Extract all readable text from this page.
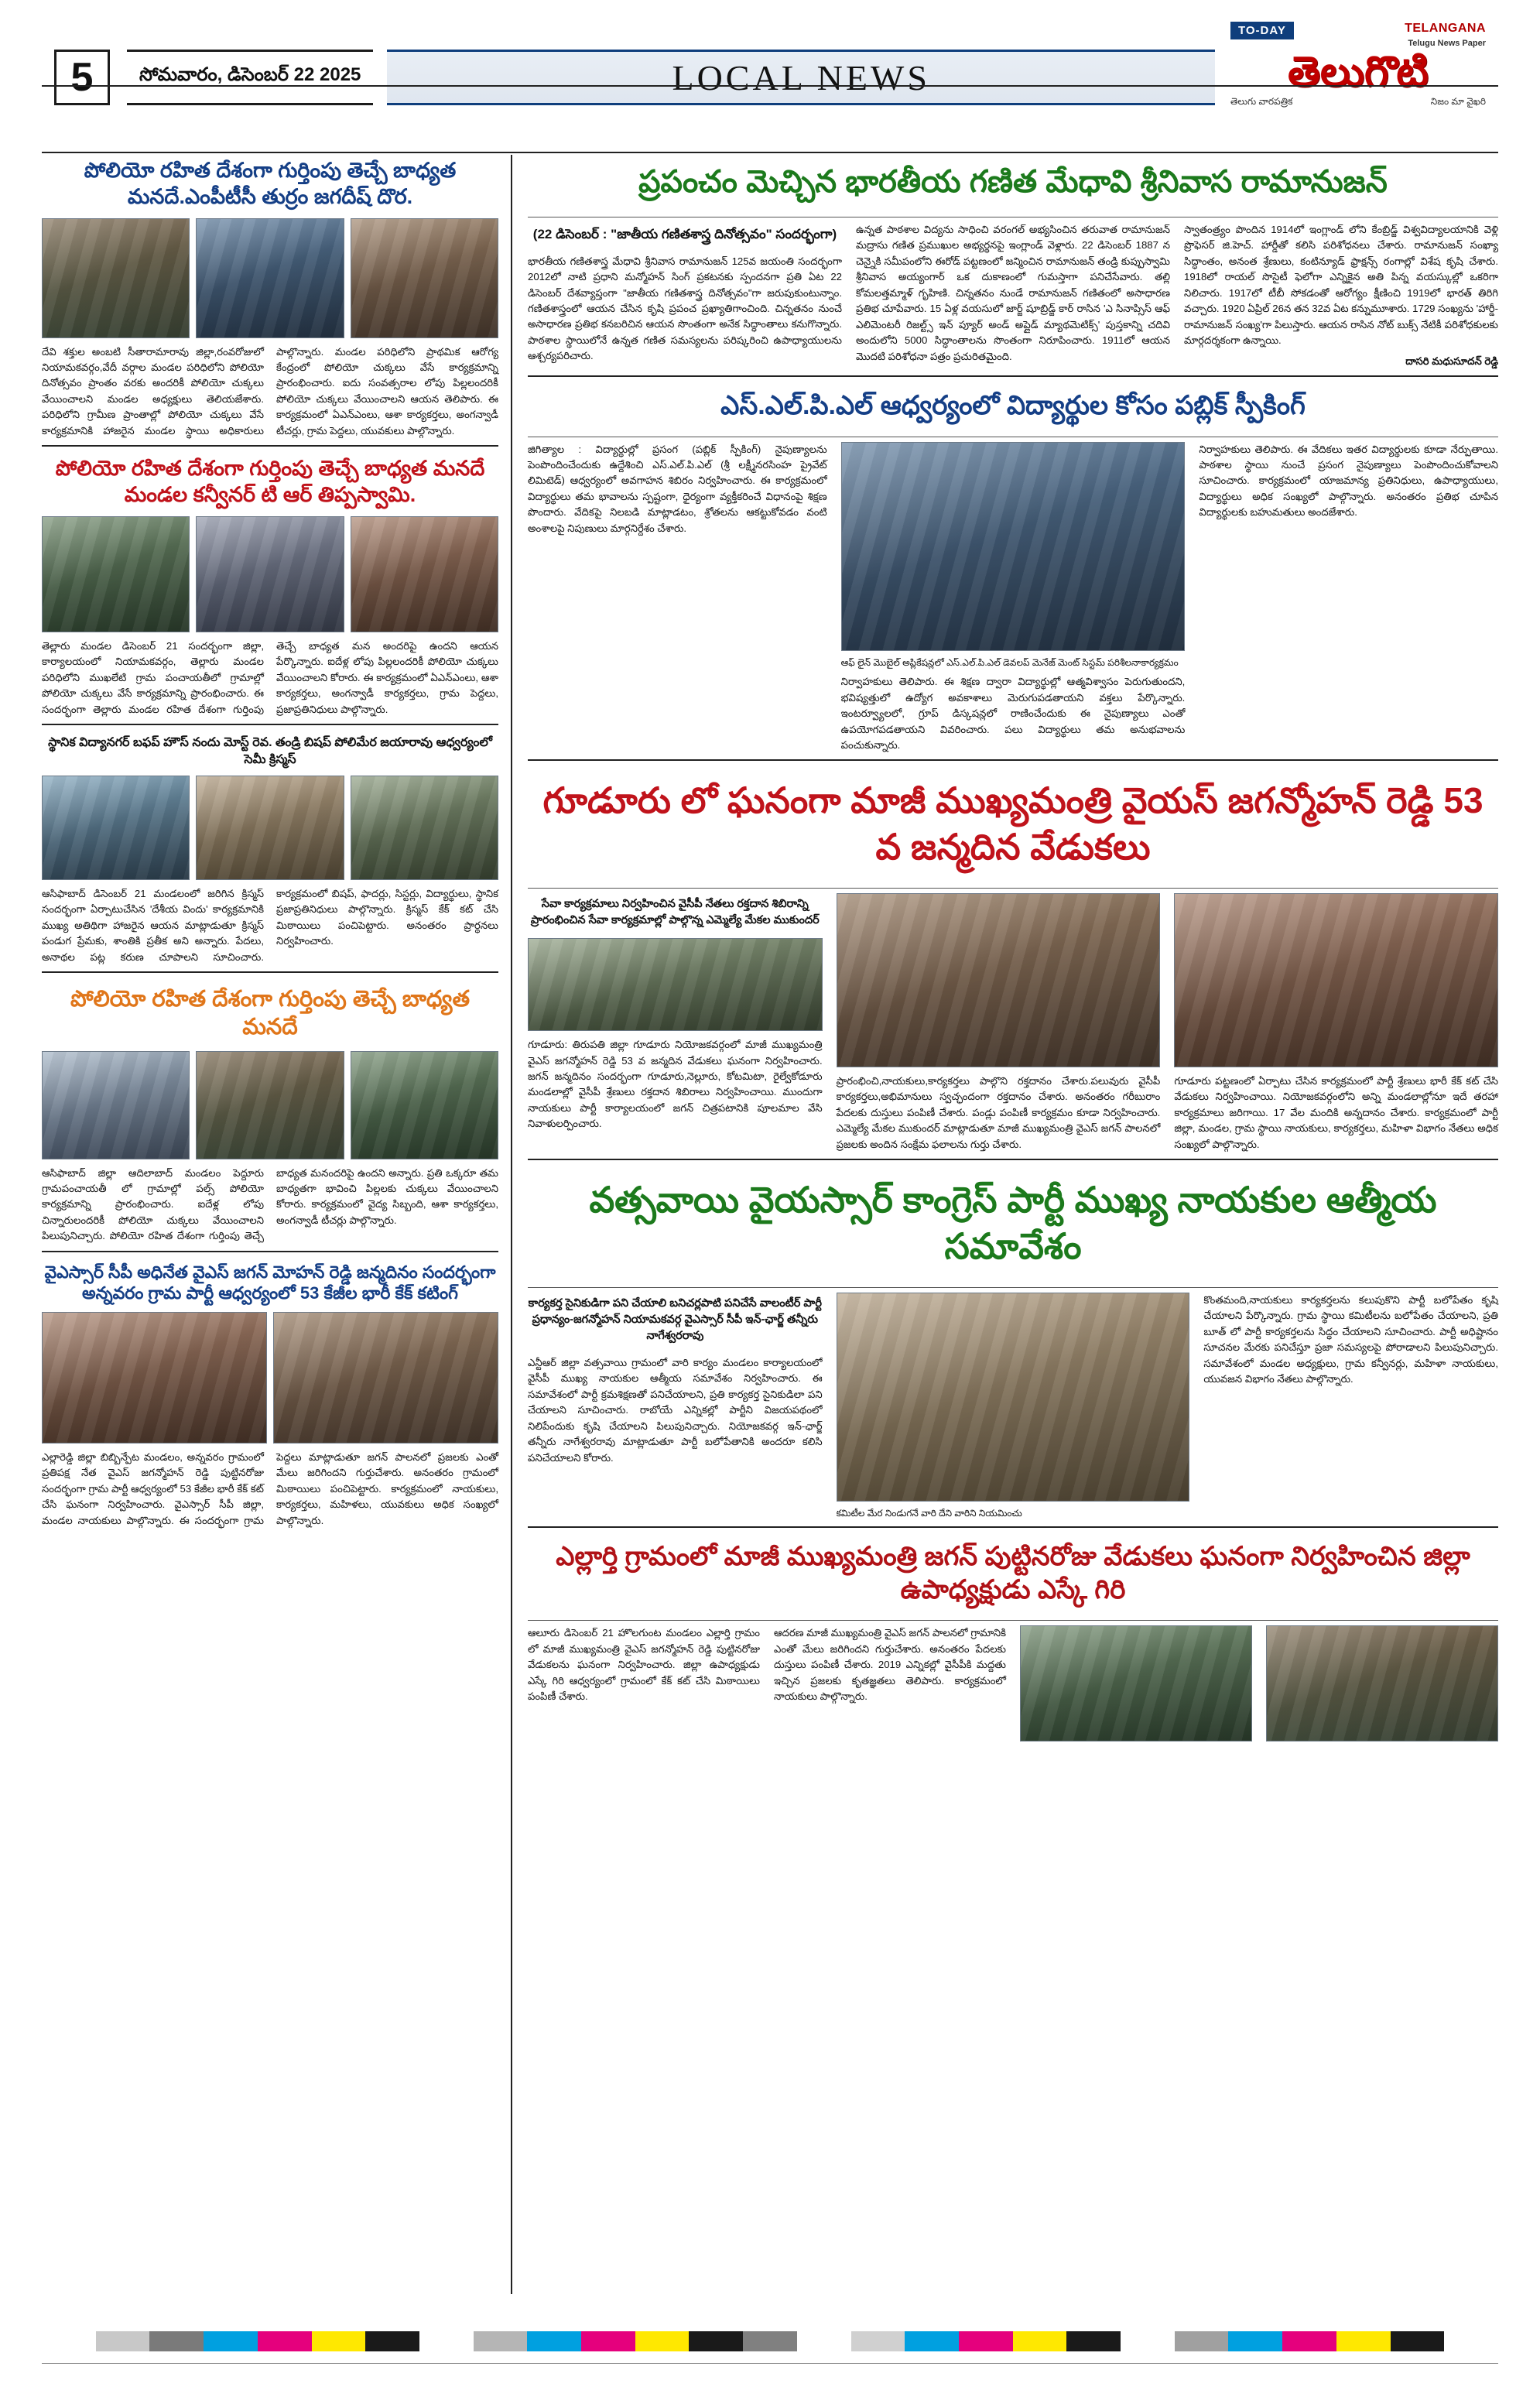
5	సోమవారం, డిసెంబర్ 22 2025	LOCAL NEWS
TO-DAY	TELANGANA
Telugu News Paper
తెలుగొటి
తెలుగు వారపత్రిక	నిజం మా వైఖరి
పోలియో రహిత దేశంగా గుర్తింపు తెచ్చే బాధ్యత మనదే.ఎంపీటీసీ తుర్రం జగదీష్ దొర.
దేవి శక్తుల అంబటి సీతారామారావు జిల్లా,రంవరోజులో నియామకవర్గం,వేదీ వర్గాల మండల పరిధిలోని పోలియో దినోత్సవం ప్రాంతం వరకు అందరికీ పోలియో చుక్కలు వేయించాలని మండల అధ్యక్షులు తెలియజేశారు. పరిధిలోని గ్రామీణ ప్రాంతాల్లో పోలియో చుక్కలు వేసే కార్యక్రమానికి హాజరైన మండల స్థాయి అధికారులు పాల్గొన్నారు. మండల పరిధిలోని ప్రాథమిక ఆరోగ్య కేంద్రంలో పోలియో చుక్కలు వేసే కార్యక్రమాన్ని ప్రారంభించారు. ఐదు సంవత్సరాల లోపు పిల్లలందరికీ పోలియో చుక్కలు వేయించాలని ఆయన తెలిపారు. ఈ కార్యక్రమంలో ఏఎన్ఎంలు, ఆశా కార్యకర్తలు, అంగన్వాడీ టీచర్లు, గ్రామ పెద్దలు, యువకులు పాల్గొన్నారు.
పోలియో రహిత దేశంగా గుర్తింపు తెచ్చే బాధ్యత మనదే మండల కన్వీనర్ టి ఆర్ తిప్పస్వామి.
తెల్లారు మండల డిసెంబర్ 21 సందర్భంగా జిల్లా, కార్యాలయంలో నియామకవర్గం, తెల్లారు మండల పరిధిలోని ముఖలేటి గ్రామ పంచాయతీలో గ్రామాల్లో పోలియో చుక్కలు వేసే కార్యక్రమాన్ని ప్రారంభించారు. ఈ సందర్భంగా తెల్లారు మండల రహిత దేశంగా గుర్తింపు తెచ్చే బాధ్యత మన అందరిపై ఉందని ఆయన పేర్కొన్నారు. ఐదేళ్ల లోపు పిల్లలందరికీ పోలియో చుక్కలు వేయించాలని కోరారు. ఈ కార్యక్రమంలో ఏఎన్ఎంలు, ఆశా కార్యకర్తలు, అంగన్వాడీ కార్యకర్తలు, గ్రామ పెద్దలు, ప్రజాప్రతినిధులు పాల్గొన్నారు.
స్థానిక విద్యానగర్ బఫప్ హౌస్ నందు మోస్ట్ రెవ. తండ్రి బిషప్ పోలిమేర జయారావు ఆధ్వర్యంలో సెమీ క్రిస్మస్
ఆసిఫాబాద్ డిసెంబర్ 21 మండలంలో జరిగిన క్రిస్మస్ సందర్భంగా ఏర్పాటుచేసిన 'దేశీయ విందు' కార్యక్రమానికి ముఖ్య అతిథిగా హాజరైన ఆయన మాట్లాడుతూ క్రిస్మస్ పండుగ ప్రేమకు, శాంతికి ప్రతీక అని అన్నారు. పేదలు, అనాథల పట్ల కరుణ చూపాలని సూచించారు. కార్యక్రమంలో బిషప్, ఫాదర్లు, సిస్టర్లు, విద్యార్థులు, స్థానిక ప్రజాప్రతినిధులు పాల్గొన్నారు. క్రిస్మస్ కేక్ కట్ చేసి మిఠాయిలు పంచిపెట్టారు. అనంతరం ప్రార్థనలు నిర్వహించారు.
పోలియో రహిత దేశంగా గుర్తింపు తెచ్చే బాధ్యత మనదే
ఆసిఫాబాద్ జిల్లా ఆదిలాబాద్ మండలం పెద్దూరు గ్రామపంచాయతీ లో గ్రామాల్లో పల్స్ పోలియో కార్యక్రమాన్ని ప్రారంభించారు. ఐదేళ్ల లోపు చిన్నారులందరికీ పోలియో చుక్కలు వేయించాలని పిలుపునిచ్చారు. పోలియో రహిత దేశంగా గుర్తింపు తెచ్చే బాధ్యత మనందరిపై ఉందని అన్నారు. ప్రతి ఒక్కరూ తమ బాధ్యతగా భావించి పిల్లలకు చుక్కలు వేయించాలని కోరారు. కార్యక్రమంలో వైద్య సిబ్బంది, ఆశా కార్యకర్తలు, అంగన్వాడీ టీచర్లు పాల్గొన్నారు.
వైఎస్సార్ సీపీ అధినేత వైఎస్ జగన్ మోహన్ రెడ్డి జన్మదినం సందర్భంగా అన్నవరం గ్రామ పార్టీ ఆధ్వర్యంలో 53 కేజీల భారీ కేక్ కటింగ్
ఎల్లారెడ్డి జిల్లా బిబ్బిన్పేట మండలం, అన్నవరం గ్రామంలో ప్రతిపక్ష నేత వైఎస్ జగన్మోహన్ రెడ్డి పుట్టినరోజు సందర్భంగా గ్రామ పార్టీ ఆధ్వర్యంలో 53 కేజీల భారీ కేక్ కట్ చేసి ఘనంగా నిర్వహించారు. వైఎస్సార్ సీపీ జిల్లా, మండల నాయకులు పాల్గొన్నారు. ఈ సందర్భంగా గ్రామ పెద్దలు మాట్లాడుతూ జగన్ పాలనలో ప్రజలకు ఎంతో మేలు జరిగిందని గుర్తుచేశారు. అనంతరం గ్రామంలో మిఠాయిలు పంచిపెట్టారు. కార్యక్రమంలో నాయకులు, కార్యకర్తలు, మహిళలు, యువకులు అధిక సంఖ్యలో పాల్గొన్నారు.
ప్రపంచం మెచ్చిన భారతీయ గణిత మేధావి శ్రీనివాస రామానుజన్
(22 డిసెంబర్ : "జాతీయ గణితశాస్త్ర దినోత్సవం" సందర్భంగా)
భారతీయ గణితశాస్త్ర మేధావి శ్రీనివాస రామానుజన్ 125వ జయంతి సందర్భంగా 2012లో నాటి ప్రధాని మన్మోహన్ సింగ్ ప్రకటనకు స్పందనగా ప్రతి ఏట 22 డిసెంబర్ దేశవ్యాప్తంగా "జాతీయ గణితశాస్త్ర దినోత్సవం"గా జరుపుకుంటున్నాం. గణితశాస్త్రంలో ఆయన చేసిన కృషి ప్రపంచ ప్రఖ్యాతిగాంచింది. చిన్నతనం నుంచే అసాధారణ ప్రతిభ కనబరిచిన ఆయన సొంతంగా అనేక సిద్ధాంతాలు కనుగొన్నారు. పాఠశాల స్థాయిలోనే ఉన్నత గణిత సమస్యలను పరిష్కరించి ఉపాధ్యాయులను ఆశ్చర్యపరిచారు.
ఉన్నత పాఠశాల విద్యను సాధించి వరంగల్ అభ్యసించిన తరువాత రామానుజన్ మద్రాసు గణిత ప్రముఖుల అభ్యర్థనపై ఇంగ్లాండ్ వెళ్లారు. 22 డిసెంబర్ 1887 న చెన్నైకి సమీపంలోని ఈరోడ్ పట్టణంలో జన్మించిన రామానుజన్ తండ్రి కుప్పుస్వామి శ్రీనివాస అయ్యంగార్ ఒక దుకాణంలో గుమస్తాగా పనిచేసేవారు. తల్లి కోమలత్తమ్మాళ్ గృహిణి. చిన్నతనం నుండే రామానుజన్ గణితంలో అసాధారణ ప్రతిభ చూపేవారు. 15 ఏళ్ల వయసులో జార్జ్ షూబ్రిడ్జ్ కార్ రాసిన 'ఎ సినాప్సిస్ ఆఫ్ ఎలిమెంటరీ రిజల్ట్స్ ఇన్ ప్యూర్ అండ్ అప్లైడ్ మ్యాథమెటిక్స్' పుస్తకాన్ని చదివి అందులోని 5000 సిద్ధాంతాలను సొంతంగా నిరూపించారు. 1911లో ఆయన మొదటి పరిశోధనా పత్రం ప్రచురితమైంది.
స్వాతంత్ర్యం పొందిన 1914లో ఇంగ్లాండ్ లోని కేంబ్రిడ్జ్ విశ్వవిద్యాలయానికి వెళ్లి ప్రొఫెసర్ జి.హెచ్. హార్డీతో కలిసి పరిశోధనలు చేశారు. రామానుజన్ సంఖ్యా సిద్ధాంతం, అనంత శ్రేణులు, కంటిన్యూడ్ ఫ్రాక్షన్స్ రంగాల్లో విశేష కృషి చేశారు. 1918లో రాయల్ సొసైటీ ఫెలోగా ఎన్నికైన అతి పిన్న వయస్కుల్లో ఒకరిగా నిలిచారు. 1917లో టీబీ సోకడంతో ఆరోగ్యం క్షీణించి 1919లో భారత్ తిరిగి వచ్చారు. 1920 ఏప్రిల్ 26న తన 32వ ఏట కన్నుమూశారు. 1729 సంఖ్యను 'హార్డీ-రామానుజన్ సంఖ్య'గా పిలుస్తారు. ఆయన రాసిన నోట్ బుక్స్ నేటికీ పరిశోధకులకు మార్గదర్శకంగా ఉన్నాయి.
దాసరి మధుసూదన్ రెడ్డి
ఎస్.ఎల్.పి.ఎల్ ఆధ్వర్యంలో విద్యార్థుల కోసం పబ్లిక్ స్పీకింగ్
జిగిత్యాల : విద్యార్థుల్లో ప్రసంగ (పబ్లిక్ స్పీకింగ్) నైపుణ్యాలను పెంపొందించేందుకు ఉద్దేశించి ఎస్.ఎల్.పి.ఎల్ (శ్రీ లక్ష్మీనరసింహ ప్రైవేట్ లిమిటెడ్) ఆధ్వర్యంలో అవగాహన శిబిరం నిర్వహించారు. ఈ కార్యక్రమంలో విద్యార్థులు తమ భావాలను స్పష్టంగా, ధైర్యంగా వ్యక్తీకరించే విధానంపై శిక్షణ పొందారు. వేదికపై నిలబడి మాట్లాడటం, శ్రోతలను ఆకట్టుకోవడం వంటి అంశాలపై నిపుణులు మార్గనిర్దేశం చేశారు.
ఆఫ్ లైన్ మొబైల్ అప్లికేషన్లలో ఎస్.ఎల్.పి.ఎల్ డెవలప్ మెనేజ్ మెంట్ సిస్టమ్ పరిశీలనాకార్యక్రమం
నిర్వాహకులు తెలిపారు. ఈ శిక్షణ ద్వారా విద్యార్థుల్లో ఆత్మవిశ్వాసం పెరుగుతుందని, భవిష్యత్తులో ఉద్యోగ అవకాశాలు మెరుగుపడతాయని వక్తలు పేర్కొన్నారు. ఇంటర్వ్యూలలో, గ్రూప్ డిస్కషన్లలో రాణించేందుకు ఈ నైపుణ్యాలు ఎంతో ఉపయోగపడతాయని వివరించారు. పలు విద్యార్థులు తమ అనుభవాలను పంచుకున్నారు.
నిర్వాహకులు తెలిపారు. ఈ వేదికలు ఇతర విద్యార్థులకు కూడా నేర్పుతాయి. పాఠశాల స్థాయి నుంచే ప్రసంగ నైపుణ్యాలు పెంపొందించుకోవాలని సూచించారు. కార్యక్రమంలో యాజమాన్య ప్రతినిధులు, ఉపాధ్యాయులు, విద్యార్థులు అధిక సంఖ్యలో పాల్గొన్నారు. అనంతరం ప్రతిభ చూపిన విద్యార్థులకు బహుమతులు అందజేశారు.
గూడూరు లో ఘనంగా మాజీ ముఖ్యమంత్రి వైయస్ జగన్మోహన్ రెడ్డి 53 వ జన్మదిన వేడుకలు
సేవా కార్యక్రమాలు నిర్వహించిన వైసీపీ నేతలు రక్తదాన శిబిరాన్ని ప్రారంభించిన సేవా కార్యక్రమాల్లో పాల్గొన్న ఎమ్మెల్యే మేకల ముకుందర్
గూడూరు: తిరుపతి జిల్లా గూడూరు నియోజకవర్గంలో మాజీ ముఖ్యమంత్రి వైఎస్ జగన్మోహన్ రెడ్డి 53 వ జన్మదిన వేడుకలు ఘనంగా నిర్వహించారు. జగన్ జన్మదినం సందర్భంగా గూడూరు,నెల్లూరు, కోటమిటా, రైల్వేకోడూరు మండలాల్లో వైసీపీ శ్రేణులు రక్తదాన శిబిరాలు నిర్వహించాయి. ముందుగా నాయకులు పార్టీ కార్యాలయంలో జగన్ చిత్రపటానికి పూలమాల వేసి నివాళులర్పించారు.
ప్రారంభించి,నాయకులు,కార్యకర్తలు పాల్గొని రక్తదానం చేశారు.పలువురు వైసీపీ కార్యకర్తలు,అభిమానులు స్వచ్ఛందంగా రక్తదానం చేశారు. అనంతరం గరీబురాం పేదలకు దుస్తులు పంపిణీ చేశారు. పండ్లు పంపిణీ కార్యక్రమం కూడా నిర్వహించారు. ఎమ్మెల్యే మేకల ముకుందర్ మాట్లాడుతూ మాజీ ముఖ్యమంత్రి వైఎస్ జగన్ పాలనలో ప్రజలకు అందిన సంక్షేమ ఫలాలను గుర్తు చేశారు.
గూడూరు పట్టణంలో ఏర్పాటు చేసిన కార్యక్రమంలో పార్టీ శ్రేణులు భారీ కేక్ కట్ చేసి వేడుకలు నిర్వహించాయి. నియోజకవర్గంలోని అన్ని మండలాల్లోనూ ఇదే తరహా కార్యక్రమాలు జరిగాయి. 17 వేల మందికి అన్నదానం చేశారు. కార్యక్రమంలో పార్టీ జిల్లా, మండల, గ్రామ స్థాయి నాయకులు, కార్యకర్తలు, మహిళా విభాగం నేతలు అధిక సంఖ్యలో పాల్గొన్నారు.
వత్సవాయి వైయస్సార్ కాంగ్రెస్ పార్టీ ముఖ్య నాయకుల ఆత్మీయ సమావేశం
కార్యకర్త సైనికుడిగా పని చేయాలి బనిచర్లపాటి పనిచేసే వాలంటీర్ పార్టీ ప్రధాన్యం-జగన్మోహన్ నియామకవర్గ వైఎస్సార్ సీపీ ఇన్-ఛార్జ్ తన్నీరు నాగేశ్వరరావు
ఎన్టీఆర్ జిల్లా వత్సవాయి గ్రామంలో వారి కార్యం మండలం కార్యాలయంలో వైసీపీ ముఖ్య నాయకుల ఆత్మీయ సమావేశం నిర్వహించారు. ఈ సమావేశంలో పార్టీ క్రమశిక్షణతో పనిచేయాలని, ప్రతి కార్యకర్త సైనికుడిలా పని చేయాలని సూచించారు. రాబోయే ఎన్నికల్లో పార్టీని విజయపథంలో నిలిపేందుకు కృషి చేయాలని పిలుపునిచ్చారు. నియోజకవర్గ ఇన్-ఛార్జ్ తన్నీరు నాగేశ్వరరావు మాట్లాడుతూ పార్టీ బలోపేతానికి అందరూ కలిసి పనిచేయాలని కోరారు.
కమిటీల మేర నిండుగనే వారి దేని వారిని నియమించు
కొంతమంది,నాయకులు కార్యకర్తలను కలుపుకొని పార్టీ బలోపేతం కృషి చేయాలని పేర్కొన్నారు. గ్రామ స్థాయి కమిటీలను బలోపేతం చేయాలని, ప్రతి బూత్ లో పార్టీ కార్యకర్తలను సిద్ధం చేయాలని సూచించారు. పార్టీ అధిష్టానం సూచనల మేరకు పనిచేస్తూ ప్రజా సమస్యలపై పోరాడాలని పిలుపునిచ్చారు. సమావేశంలో మండల అధ్యక్షులు, గ్రామ కన్వీనర్లు, మహిళా నాయకులు, యువజన విభాగం నేతలు పాల్గొన్నారు.
ఎల్లార్తి గ్రామంలో మాజీ ముఖ్యమంత్రి జగన్ పుట్టినరోజు వేడుకలు ఘనంగా నిర్వహించిన జిల్లా ఉపాధ్యక్షుడు ఎస్కే గిరి
ఆలూరు డిసెంబర్ 21 హొలగుంట మండలం ఎల్లార్తి గ్రామం లో మాజీ ముఖ్యమంత్రి వైఎస్ జగన్మోహన్ రెడ్డి పుట్టినరోజు వేడుకలను ఘనంగా నిర్వహించారు. జిల్లా ఉపాధ్యక్షుడు ఎస్కే గిరి ఆధ్వర్యంలో గ్రామంలో కేక్ కట్ చేసి మిఠాయిలు పంపిణీ చేశారు.
ఆదరణ మాజీ ముఖ్యమంత్రి వైఎస్ జగన్ పాలనలో గ్రామానికి ఎంతో మేలు జరిగిందని గుర్తుచేశారు. అనంతరం పేదలకు దుస్తులు పంపిణీ చేశారు. 2019 ఎన్నికల్లో వైసీపీకి మద్దతు ఇచ్చిన ప్రజలకు కృతజ్ఞతలు తెలిపారు. కార్యక్రమంలో నాయకులు పాల్గొన్నారు.
